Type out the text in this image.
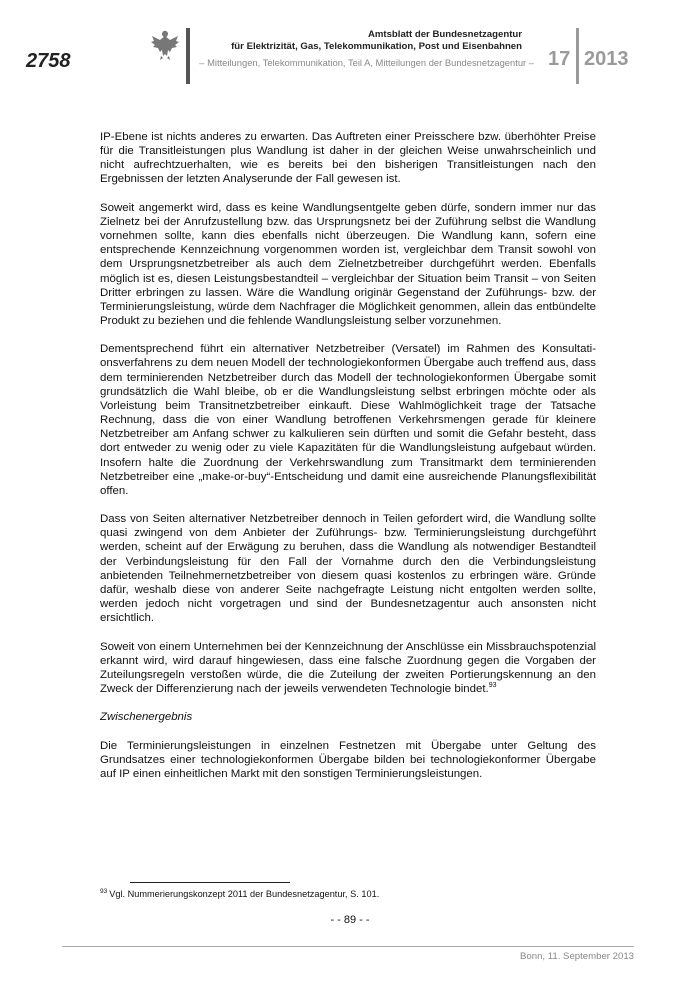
2758
Amtsblatt der Bundesnetzagentur
für Elektrizität, Gas, Telekommunikation, Post und Eisenbahnen
– Mitteilungen, Telekommunikation, Teil A, Mitteilungen der Bundesnetzagentur – 17 2013

IP-Ebene ist nichts anderes zu erwarten. Das Auftreten einer Preisschere bzw. überhöhter Preise für die Transitleistungen plus Wandlung ist daher in der gleichen Weise unwahrscheinlich und nicht aufrechtzuerhalten, wie es bereits bei den bisherigen Transitleistungen nach den Ergebnissen der letzten Analyserunde der Fall gewesen ist.

Soweit angemerkt wird, dass es keine Wandlungsentgelte geben dürfe, sondern immer nur das Zielnetz bei der Anrufzustellung bzw. das Ursprungsnetz bei der Zuführung selbst die Wandlung vornehmen sollte, kann dies ebenfalls nicht überzeugen. Die Wandlung kann, sofern eine entsprechende Kennzeichnung vorgenommen worden ist, vergleichbar dem Transit sowohl von dem Ursprungsnetzbetreiber als auch dem Zielnetzbetreiber durchgeführt werden. Ebenfalls möglich ist es, diesen Leistungsbestandteil – vergleichbar der Situation beim Transit – von Seiten Dritter erbringen zu lassen. Wäre die Wandlung originär Gegenstand der Zuführungs- bzw. der Terminierungsleistung, würde dem Nachfrager die Möglichkeit genommen, allein das entbündelte Produkt zu beziehen und die fehlende Wandlungsleistung selber vorzunehmen.

Dementsprechend führt ein alternativer Netzbetreiber (Versatel) im Rahmen des Konsultationsverfahrens zu dem neuen Modell der technologiekonformen Übergabe auch treffend aus, dass dem terminierenden Netzbetreiber durch das Modell der technologiekonformen Übergabe somit grundsätzlich die Wahl bleibe, ob er die Wandlungsleistung selbst erbringen möchte oder als Vorleistung beim Transitnetzbetreiber einkauft. Diese Wahlmöglichkeit trage der Tatsache Rechnung, dass die von einer Wandlung betroffenen Verkehrsmengen gerade für kleinere Netzbetreiber am Anfang schwer zu kalkulieren sein dürften und somit die Gefahr besteht, dass dort entweder zu wenig oder zu viele Kapazitäten für die Wandlungsleistung aufgebaut würden. Insofern halte die Zuordnung der Verkehrswandlung zum Transitmarkt dem terminierenden Netzbetreiber eine „make-or-buy“-Entscheidung und damit eine ausreichende Planungsflexibilität offen.

Dass von Seiten alternativer Netzbetreiber dennoch in Teilen gefordert wird, die Wandlung sollte quasi zwingend von dem Anbieter der Zuführungs- bzw. Terminierungsleistung durchgeführt werden, scheint auf der Erwägung zu beruhen, dass die Wandlung als notwendiger Bestandteil der Verbindungsleistung für den Fall der Vornahme durch den die Verbindungsleistung anbietenden Teilnehmernetzbetreiber von diesem quasi kostenlos zu erbringen wäre. Gründe dafür, weshalb diese von anderer Seite nachgefragte Leistung nicht entgolten werden sollte, werden jedoch nicht vorgetragen und sind der Bundesnetzagentur auch ansonsten nicht ersichtlich.

Soweit von einem Unternehmen bei der Kennzeichnung der Anschlüsse ein Missbrauchspotenzial erkannt wird, wird darauf hingewiesen, dass eine falsche Zuordnung gegen die Vorgaben der Zuteilungsregeln verstoßen würde, die die Zuteilung der zweiten Portierungskennung an den Zweck der Differenzierung nach der jeweils verwendeten Technologie bindet.$^{93}$

Zwischenergebnis

Die Terminierungsleistungen in einzelnen Festnetzen mit Übergabe unter Geltung des Grundsatzes einer technologiekonformen Übergabe bilden bei technologiekonformer Übergabe auf IP einen einheitlichen Markt mit den sonstigen Terminierungsleistungen.

$^{93}$ Vgl. Nummerierungskonzept 2011 der Bundesnetzagentur, S. 101.
- - 89 - -
Bonn, 11. September 2013
